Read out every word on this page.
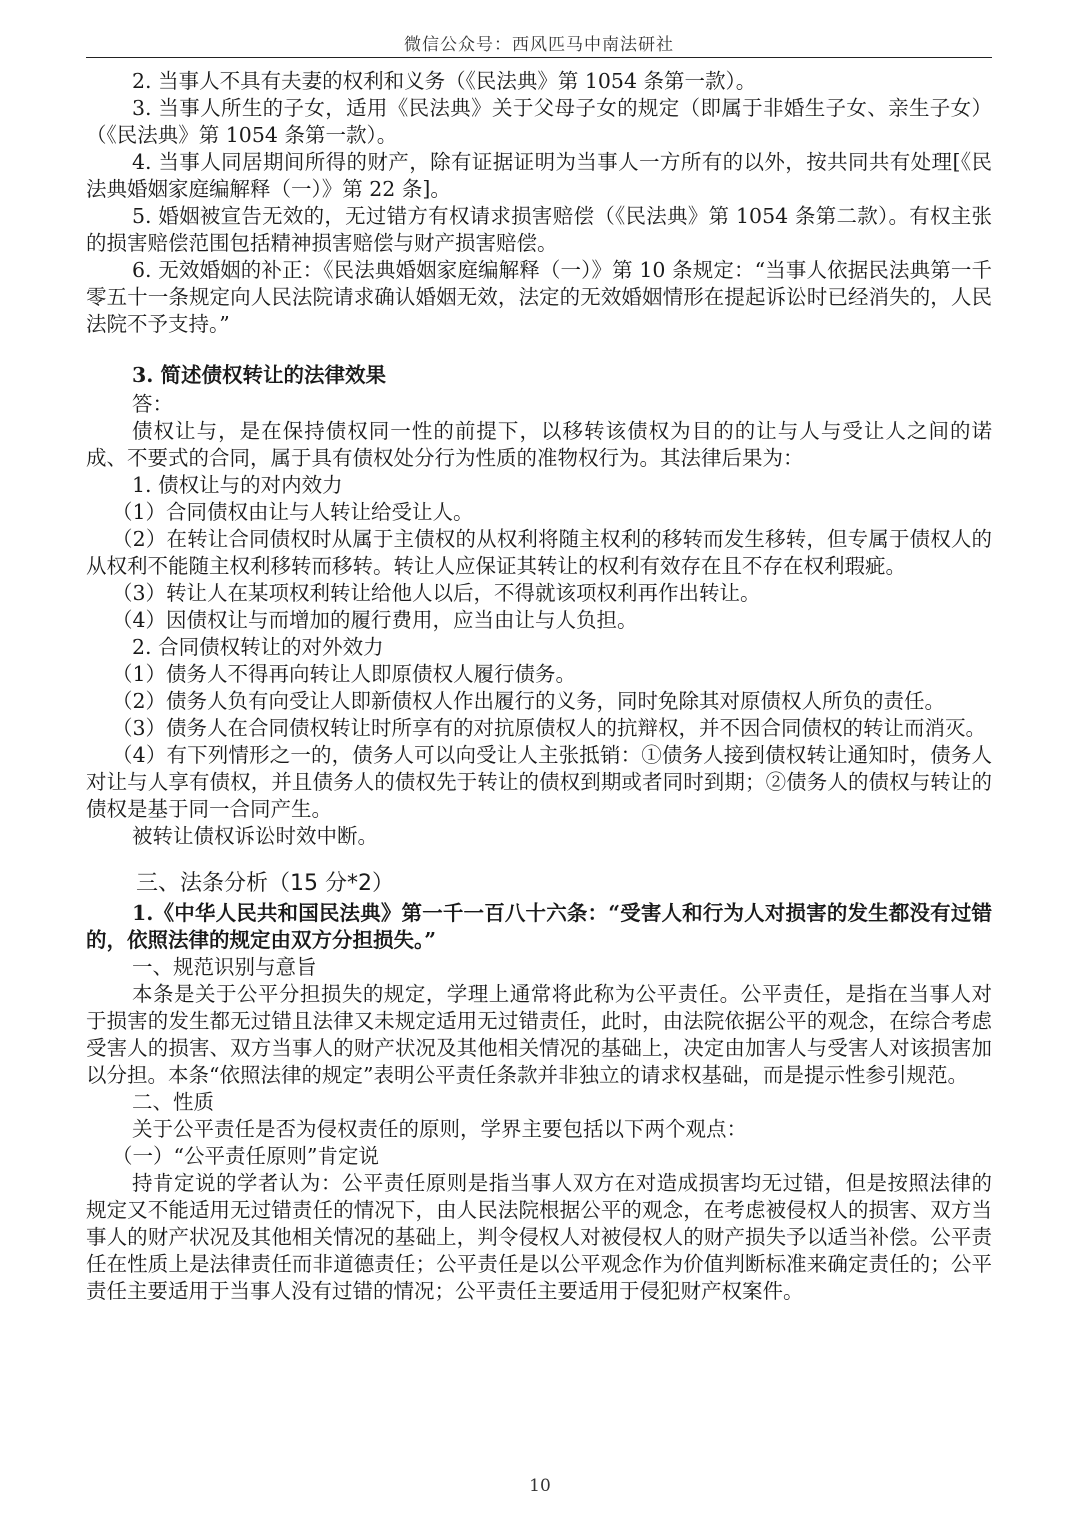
微信公众号：西风匹马中南法研社

2. 当事人不具有夫妻的权利和义务（《民法典》第 1054 条第一款）。

3. 当事人所生的子女，适用《民法典》关于父母子女的规定（即属于非婚生子女、亲生子女）（《民法典》第 1054 条第一款）。

4. 当事人同居期间所得的财产，除有证据证明为当事人一方所有的以外，按共同共有处理[《民法典婚姻家庭编解释（一）》第 22 条]。

5. 婚姻被宣告无效的，无过错方有权请求损害赔偿（《民法典》第 1054 条第二款）。有权主张的损害赔偿范围包括精神损害赔偿与财产损害赔偿。

6. 无效婚姻的补正：《民法典婚姻家庭编解释（一）》第 10 条规定：“当事人依据民法典第一千零五十一条规定向人民法院请求确认婚姻无效，法定的无效婚姻情形在提起诉讼时已经消失的，人民法院不予支持。”

3. 简述债权转让的法律效果

答：

债权让与，是在保持债权同一性的前提下，以移转该债权为目的的让与人与受让人之间的诺成、不要式的合同，属于具有债权处分行为性质的准物权行为。其法律后果为：

1. 债权让与的对内效力

（1）合同债权由让与人转让给受让人。

（2）在转让合同债权时从属于主债权的从权利将随主权利的移转而发生移转，但专属于债权人的从权利不能随主权利移转而移转。转让人应保证其转让的权利有效存在且不存在权利瑕疵。

（3）转让人在某项权利转让给他人以后，不得就该项权利再作出转让。

（4）因债权让与而增加的履行费用，应当由让与人负担。

2. 合同债权转让的对外效力

（1）债务人不得再向转让人即原债权人履行债务。

（2）债务人负有向受让人即新债权人作出履行的义务，同时免除其对原债权人所负的责任。

（3）债务人在合同债权转让时所享有的对抗原债权人的抗辩权，并不因合同债权的转让而消灭。

（4）有下列情形之一的，债务人可以向受让人主张抵销：①债务人接到债权转让通知时，债务人对让与人享有债权，并且债务人的债权先于转让的债权到期或者同时到期；②债务人的债权与转让的债权是基于同一合同产生。

被转让债权诉讼时效中断。

三、法条分析（15 分*2）

1.《中华人民共和国民法典》第一千一百八十六条：“受害人和行为人对损害的发生都没有过错的，依照法律的规定由双方分担损失。”

一、规范识别与意旨

本条是关于公平分担损失的规定，学理上通常将此称为公平责任。公平责任，是指在当事人对于损害的发生都无过错且法律又未规定适用无过错责任，此时，由法院依据公平的观念，在综合考虑受害人的损害、双方当事人的财产状况及其他相关情况的基础上，决定由加害人与受害人对该损害加以分担。本条“依照法律的规定”表明公平责任条款并非独立的请求权基础，而是提示性参引规范。

二、性质

关于公平责任是否为侵权责任的原则，学界主要包括以下两个观点：

（一）“公平责任原则”肯定说

持肯定说的学者认为：公平责任原则是指当事人双方在对造成损害均无过错，但是按照法律的规定又不能适用无过错责任的情况下，由人民法院根据公平的观念，在考虑被侵权人的损害、双方当事人的财产状况及其他相关情况的基础上，判令侵权人对被侵权人的财产损失予以适当补偿。公平责任在性质上是法律责任而非道德责任；公平责任是以公平观念作为价值判断标准来确定责任的；公平责任主要适用于当事人没有过错的情况；公平责任主要适用于侵犯财产权案件。

10
